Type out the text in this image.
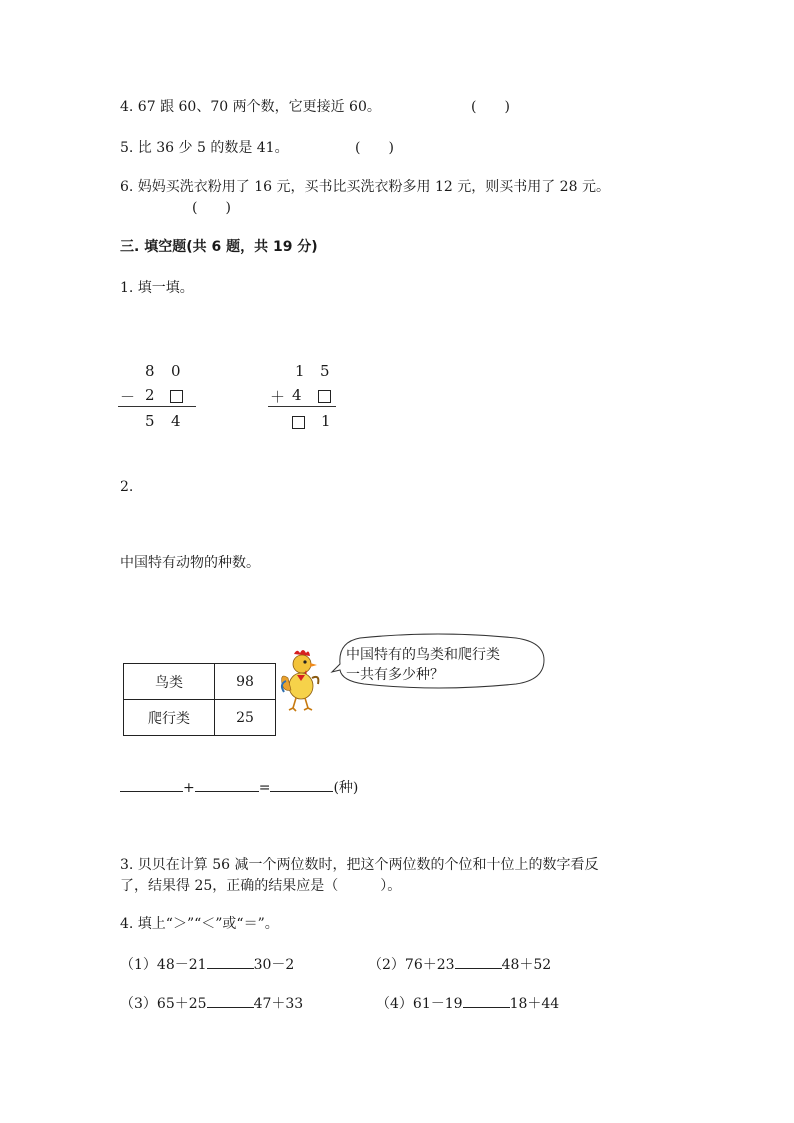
4. 67 跟 60、70 两个数，它更接近 60。	(　　)
5. 比 36 少 5 的数是 41。	(　　)
6. 妈妈买洗衣粉用了 16 元，买书比买洗衣粉多用 12 元，则买书用了 28 元。
(　　)
三. 填空题(共 6 题，共 19 分)
1. 填一填。
8 0
－ 2
5 4
1 5
＋ 4
1
2.
中国特有动物的种数。
鸟类	98
爬行类	25
中国特有的鸟类和爬行类
一共有多少种？
+	=	(种)
3. 贝贝在计算 56 减一个两位数时，把这个两位数的个位和十位上的数字看反
了，结果得 25，正确的结果应是（　　　）。
4. 填上“＞”“＜”或“＝”。
（1）48－21	30－2	（2）76＋23	48＋52
（3）65＋25	47＋33	（4）61－19	18＋44
